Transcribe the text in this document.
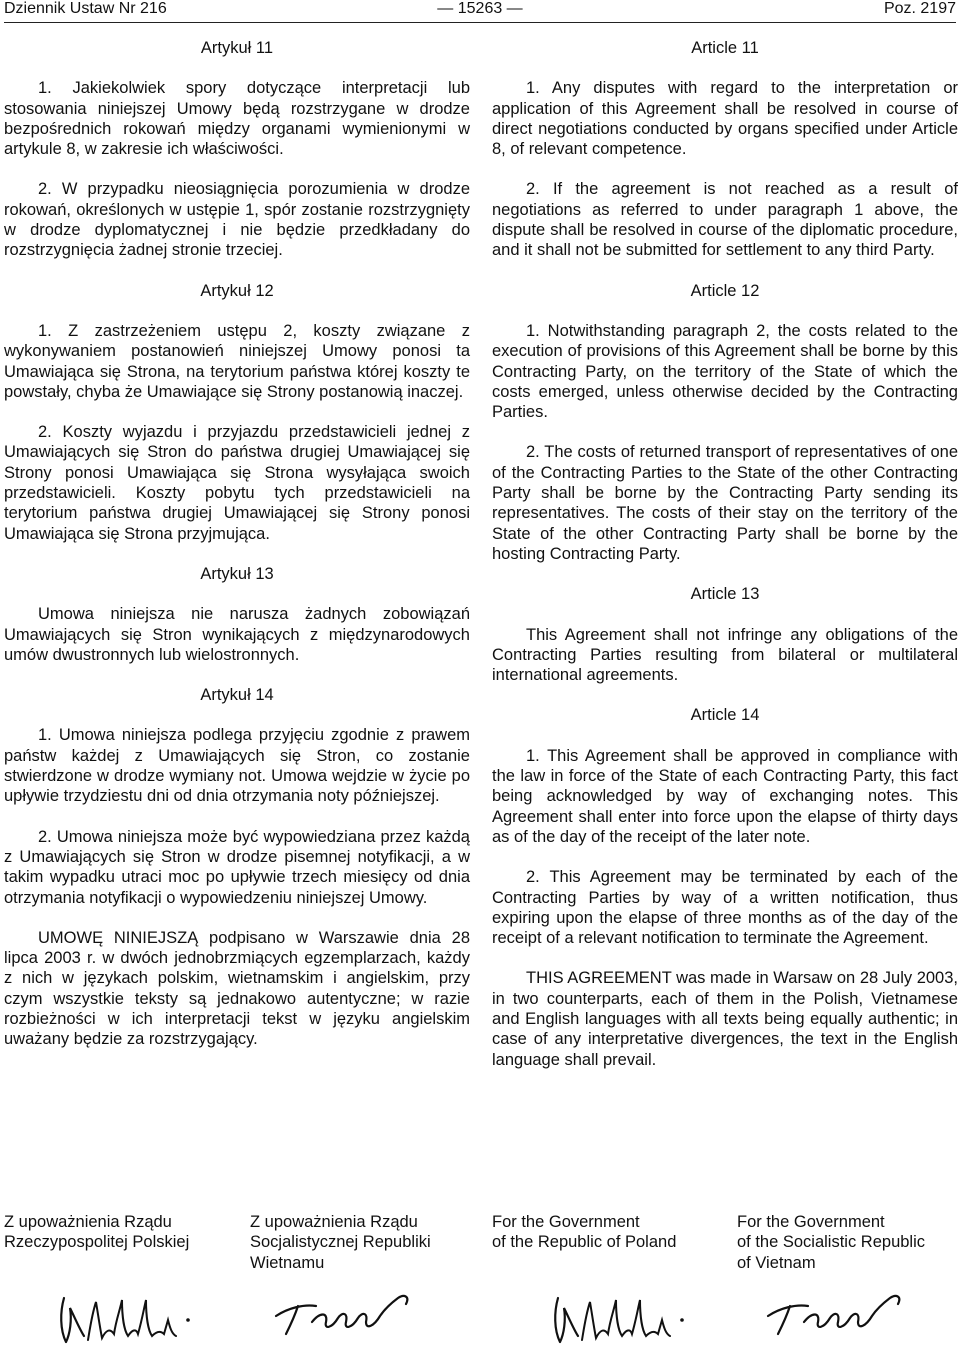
Dziennik Ustaw Nr 216	— 15263 —	Poz. 2197
Artykuł 11
1. Jakiekolwiek spory dotyczące interpretacji lub stosowania niniejszej Umowy będą rozstrzygane w drodze bezpośrednich rokowań między organami wymienionymi w artykule 8, w zakresie ich właściwości.
2. W przypadku nieosiągnięcia porozumienia w drodze rokowań, określonych w ustępie 1, spór zostanie rozstrzygnięty w drodze dyplomatycznej i nie będzie przedkładany do rozstrzygnięcia żadnej stronie trzeciej.
Artykuł 12
1. Z zastrzeżeniem ustępu 2, koszty związane z wykonywaniem postanowień niniejszej Umowy ponosi ta Umawiająca się Strona, na terytorium państwa której koszty te powstały, chyba że Umawiające się Strony postanowią inaczej.
2. Koszty wyjazdu i przyjazdu przedstawicieli jednej z Umawiających się Stron do państwa drugiej Umawiającej się Strony ponosi Umawiająca się Strona wysyłająca swoich przedstawicieli. Koszty pobytu tych przedstawicieli na terytorium państwa drugiej Umawiającej się Strony ponosi Umawiająca się Strona przyjmująca.
Artykuł 13
Umowa niniejsza nie narusza żadnych zobowiązań Umawiających się Stron wynikających z międzynarodowych umów dwustronnych lub wielostronnych.
Artykuł 14
1. Umowa niniejsza podlega przyjęciu zgodnie z prawem państw każdej z Umawiających się Stron, co zostanie stwierdzone w drodze wymiany not. Umowa wejdzie w życie po upływie trzydziestu dni od dnia otrzymania noty późniejszej.
2. Umowa niniejsza może być wypowiedziana przez każdą z Umawiających się Stron w drodze pisemnej notyfikacji, a w takim wypadku utraci moc po upływie trzech miesięcy od dnia otrzymania notyfikacji o wypowiedzeniu niniejszej Umowy.
UMOWĘ NINIEJSZĄ podpisano w Warszawie dnia 28 lipca 2003 r. w dwóch jednobrzmiących egzemplarzach, każdy z nich w językach polskim, wietnamskim i angielskim, przy czym wszystkie teksty są jednakowo autentyczne; w razie rozbieżności w ich interpretacji tekst w języku angielskim uważany będzie za rozstrzygający.
Article 11
1. Any disputes with regard to the interpretation or application of this Agreement shall be resolved in course of direct negotiations conducted by organs specified under Article 8, of relevant competence.
2. If the agreement is not reached as a result of negotiations as referred to under paragraph 1 above, the dispute shall be resolved in course of the diplomatic procedure, and it shall not be submitted for settlement to any third Party.
Article 12
1. Notwithstanding paragraph 2, the costs related to the execution of provisions of this Agreement shall be borne by this Contracting Party, on the territory of the State of which the costs emerged, unless otherwise decided by the Contracting Parties.
2. The costs of returned transport of representatives of one of the Contracting Parties to the State of the other Contracting Party shall be borne by the Contracting Party sending its representatives. The costs of their stay on the territory of the State of the other Contracting Party shall be borne by the hosting Contracting Party.
Article 13
This Agreement shall not infringe any obligations of the Contracting Parties resulting from bilateral or multilateral international agreements.
Article 14
1. This Agreement shall be approved in compliance with the law in force of the State of each Contracting Party, this fact being acknowledged by way of exchanging notes. This Agreement shall enter into force upon the elapse of thirty days as of the day of the receipt of the later note.
2. This Agreement may be terminated by each of the Contracting Parties by way of a written notification, thus expiring upon the elapse of three months as of the day of the receipt of a relevant notification to terminate the Agreement.
THIS AGREEMENT was made in Warsaw on 28 July 2003, in two counterparts, each of them in the Polish, Vietnamese and English languages with all texts being equally authentic; in case of any interpretative divergences, the text in the English language shall prevail.
Z upoważnienia Rządu
Rzeczypospolitej Polskiej
Z upoważnienia Rządu
Socjalistycznej Republiki
Wietnamu
For the Government
of the Republic of Poland
For the Government
of the Socialistic Republic
of Vietnam
